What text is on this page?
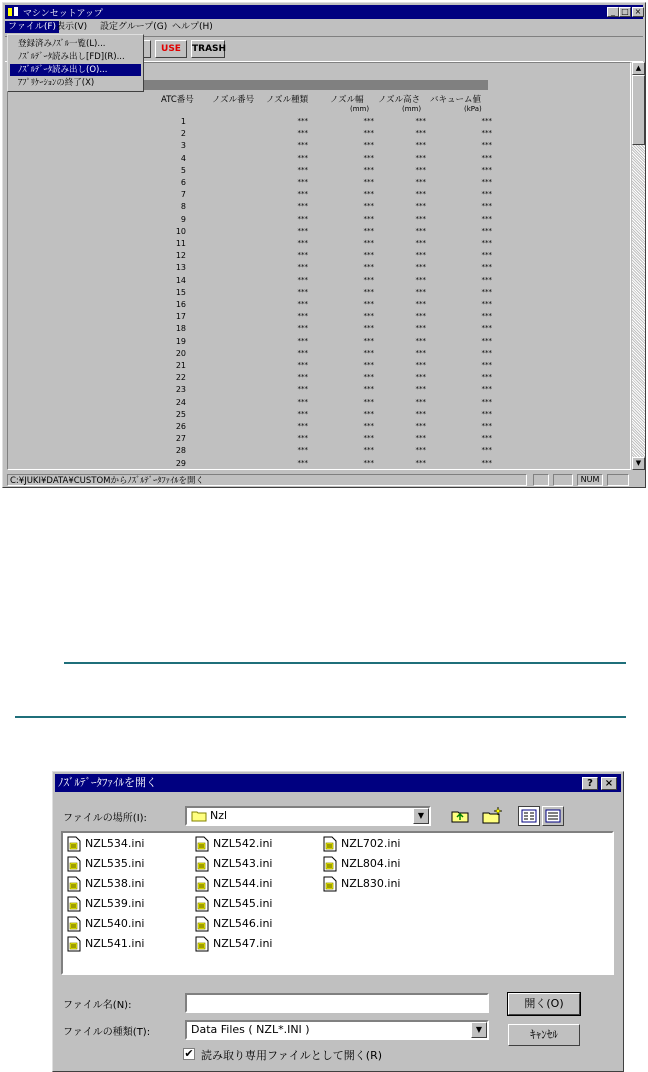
マシンセットアップ	_ □ ×
ファイル(F) 表示(V)	設定グループ(G) ヘルプ(H)
USE	TRASH
登録済みﾉｽﾞﾙ一覧(L)...
ﾉｽﾞﾙﾃﾞｰﾀ読み出し[FD](R)...
ﾉｽﾞﾙﾃﾞｰﾀ読み出し(O)...
ｱﾌﾟﾘｹｰｼｮﾝの終了(X)
ATC番号 ノズル番号 ノズル種類	ノズル幅 ノズル高さ バキューム値
(mm)	(mm)	(kPa)
1	***	***	***	***
2	***	***	***	***
3	***	***	***	***
4	***	***	***	***
5	***	***	***	***
6	***	***	***	***
7	***	***	***	***
8	***	***	***	***
9	***	***	***	***
10	***	***	***	***
11	***	***	***	***
12	***	***	***	***
13	***	***	***	***
14	***	***	***	***
15	***	***	***	***
16	***	***	***	***
17	***	***	***	***
18	***	***	***	***
19	***	***	***	***
20	***	***	***	***
21	***	***	***	***
22	***	***	***	***
23	***	***	***	***
24	***	***	***	***
25	***	***	***	***
26	***	***	***	***
27	***	***	***	***
28	***	***	***	***
29	***	***	***	***
▲
▼
C:¥JUKI¥DATA¥CUSTOMからﾉｽﾞﾙﾃﾞｰﾀﾌｧｲﾙを開く	NUM
ﾉｽﾞﾙﾃﾞｰﾀﾌｧｲﾙを開く	?	×
ファイルの場所(I):	Nzl	▼
NZL534.ini
NZL535.ini
NZL538.ini
NZL539.ini
NZL540.ini
NZL541.ini
NZL542.ini
NZL543.ini
NZL544.ini
NZL545.ini
NZL546.ini
NZL547.ini
NZL702.ini
NZL804.ini
NZL830.ini
ファイル名(N):	開く(O)
ファイルの種類(T):	Data Files ( NZL*.INI )	▼	ｷｬﾝｾﾙ
✔ 読み取り専用ファイルとして開く(R)
